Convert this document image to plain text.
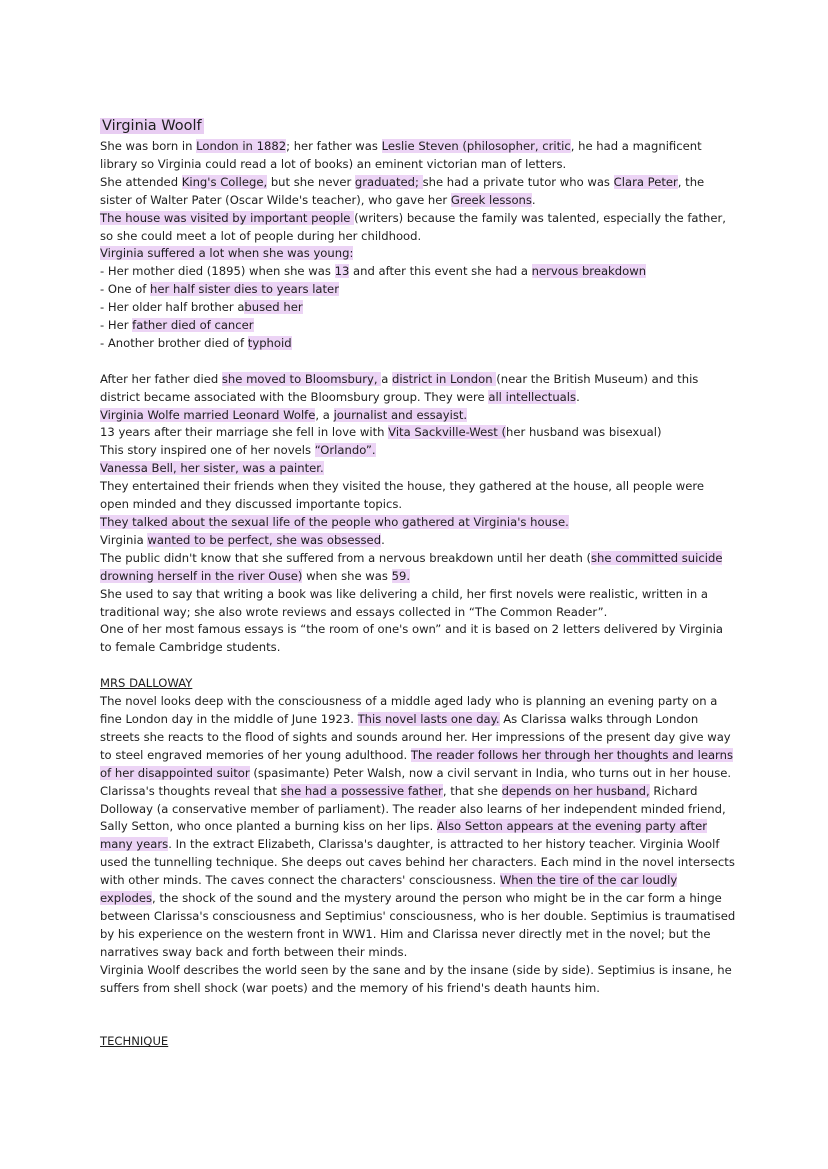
Virginia Woolf

She was born in London in 1882; her father was Leslie Steven (philosopher, critic, he had a magnificent library so Virginia could read a lot of books) an eminent victorian man of letters.

She attended King's College, but she never graduated; she had a private tutor who was Clara Peter, the sister of Walter Pater (Oscar Wilde's teacher), who gave her Greek lessons.

The house was visited by important people (writers) because the family was talented, especially the father, so she could meet a lot of people during her childhood.

Virginia suffered a lot when she was young:

- Her mother died (1895) when she was 13 and after this event she had a nervous breakdown

- One of her half sister dies to years later

- Her older half brother abused her

- Her father died of cancer

- Another brother died of typhoid

After her father died she moved to Bloomsbury, a district in London (near the British Museum) and this district became associated with the Bloomsbury group. They were all intellectuals.

Virginia Wolfe married Leonard Wolfe, a journalist and essayist.

13 years after their marriage she fell in love with Vita Sackville-West (her husband was bisexual)

This story inspired one of her novels “Orlando”.

Vanessa Bell, her sister, was a painter.

They entertained their friends when they visited the house, they gathered at the house, all people were open minded and they discussed importante topics.

They talked about the sexual life of the people who gathered at Virginia's house.

Virginia wanted to be perfect, she was obsessed.

The public didn't know that she suffered from a nervous breakdown until her death (she committed suicide drowning herself in the river Ouse) when she was 59.

She used to say that writing a book was like delivering a child, her first novels were realistic, written in a traditional way; she also wrote reviews and essays collected in “The Common Reader”.

One of her most famous essays is “the room of one's own” and it is based on 2 letters delivered by Virginia to female Cambridge students.

MRS DALLOWAY

The novel looks deep with the consciousness of a middle aged lady who is planning an evening party on a fine London day in the middle of June 1923. This novel lasts one day. As Clarissa walks through London streets she reacts to the flood of sights and sounds around her. Her impressions of the present day give way to steel engraved memories of her young adulthood. The reader follows her through her thoughts and learns of her disappointed suitor (spasimante) Peter Walsh, now a civil servant in India, who turns out in her house. Clarissa's thoughts reveal that she had a possessive father, that she depends on her husband, Richard Dolloway (a conservative member of parliament). The reader also learns of her independent minded friend, Sally Setton, who once planted a burning kiss on her lips. Also Setton appears at the evening party after many years. In the extract Elizabeth, Clarissa's daughter, is attracted to her history teacher. Virginia Woolf used the tunnelling technique. She deeps out caves behind her characters. Each mind in the novel intersects with other minds. The caves connect the characters' consciousness. When the tire of the car loudly explodes, the shock of the sound and the mystery around the person who might be in the car form a hinge between Clarissa's consciousness and Septimius' consciousness, who is her double. Septimius is traumatised by his experience on the western front in WW1. Him and Clarissa never directly met in the novel; but the narratives sway back and forth between their minds.

Virginia Woolf describes the world seen by the sane and by the insane (side by side). Septimius is insane, he suffers from shell shock (war poets) and the memory of his friend's death haunts him.

TECHNIQUE
